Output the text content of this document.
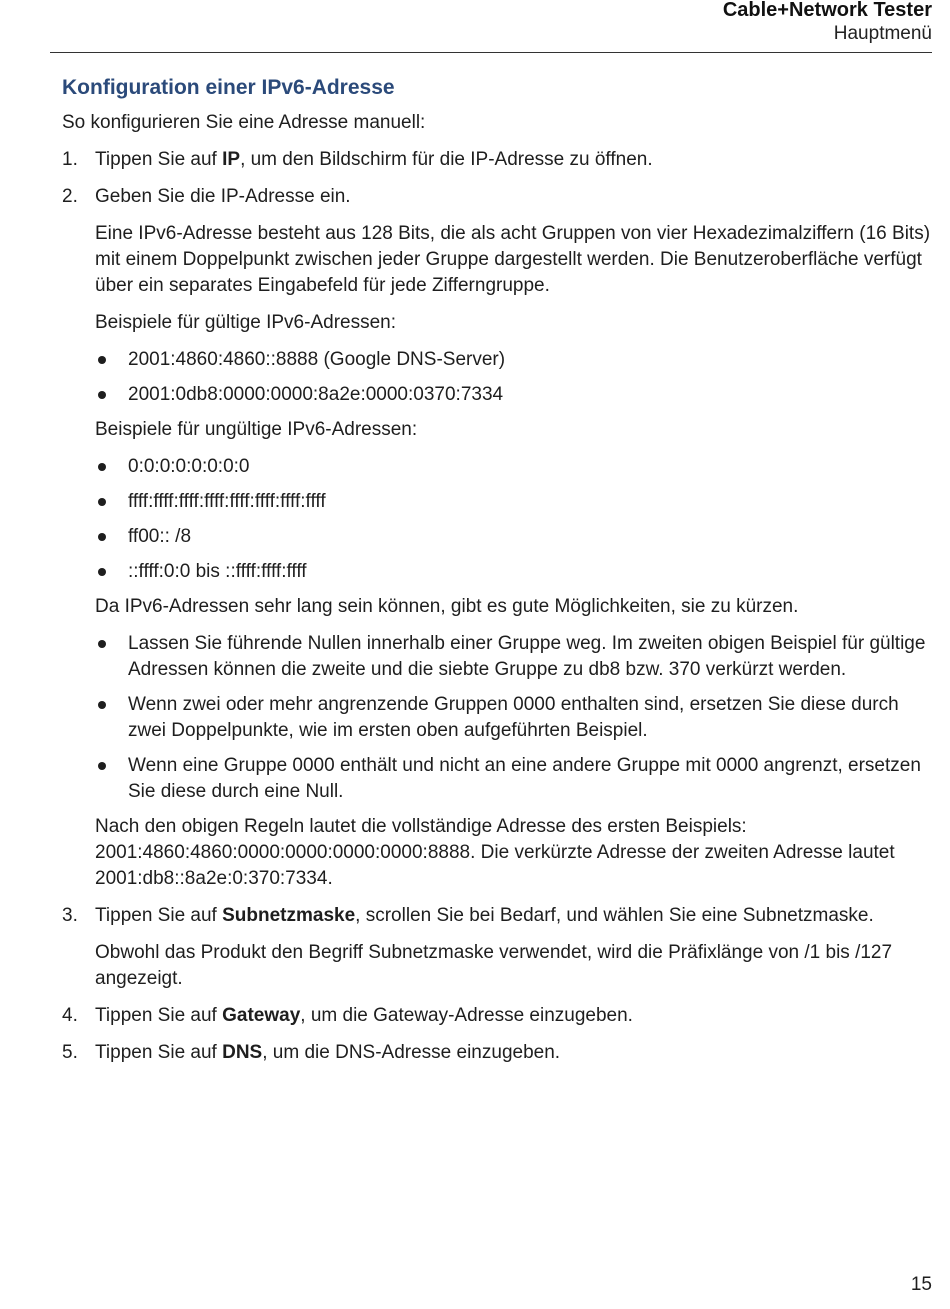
Cable+Network Tester
Hauptmenü
Konfiguration einer IPv6-Adresse

So konfigurieren Sie eine Adresse manuell:

1. Tippen Sie auf IP, um den Bildschirm für die IP-Adresse zu öffnen.
2. Geben Sie die IP-Adresse ein.

Eine IPv6-Adresse besteht aus 128 Bits, die als acht Gruppen von vier Hexadezimalziffern (16 Bits) mit einem Doppelpunkt zwischen jeder Gruppe dargestellt werden. Die Benutzeroberfläche verfügt über ein separates Eingabefeld für jede Zifferngruppe.

Beispiele für gültige IPv6-Adressen:

2001:4860:4860::8888 (Google DNS-Server)
2001:0db8:0000:0000:8a2e:0000:0370:7334

Beispiele für ungültige IPv6-Adressen:

0:0:0:0:0:0:0:0
ffff:ffff:ffff:ffff:ffff:ffff:ffff:ffff
ff00:: /8
::ffff:0:0 bis ::ffff:ffff:ffff

Da IPv6-Adressen sehr lang sein können, gibt es gute Möglichkeiten, sie zu kürzen.

Lassen Sie führende Nullen innerhalb einer Gruppe weg. Im zweiten obigen Beispiel für gültige Adressen können die zweite und die siebte Gruppe zu db8 bzw. 370 verkürzt werden.
Wenn zwei oder mehr angrenzende Gruppen 0000 enthalten sind, ersetzen Sie diese durch zwei Doppelpunkte, wie im ersten oben aufgeführten Beispiel.
Wenn eine Gruppe 0000 enthält und nicht an eine andere Gruppe mit 0000 angrenzt, ersetzen Sie diese durch eine Null.

Nach den obigen Regeln lautet die vollständige Adresse des ersten Beispiels: 2001:4860:4860:0000:0000:0000:0000:8888. Die verkürzte Adresse der zweiten Adresse lautet 2001:db8::8a2e:0:370:7334.

3. Tippen Sie auf Subnetzmaske, scrollen Sie bei Bedarf, und wählen Sie eine Subnetzmaske.

Obwohl das Produkt den Begriff Subnetzmaske verwendet, wird die Präfixlänge von /1 bis /127 angezeigt.

4. Tippen Sie auf Gateway, um die Gateway-Adresse einzugeben.
5. Tippen Sie auf DNS, um die DNS-Adresse einzugeben.
15
